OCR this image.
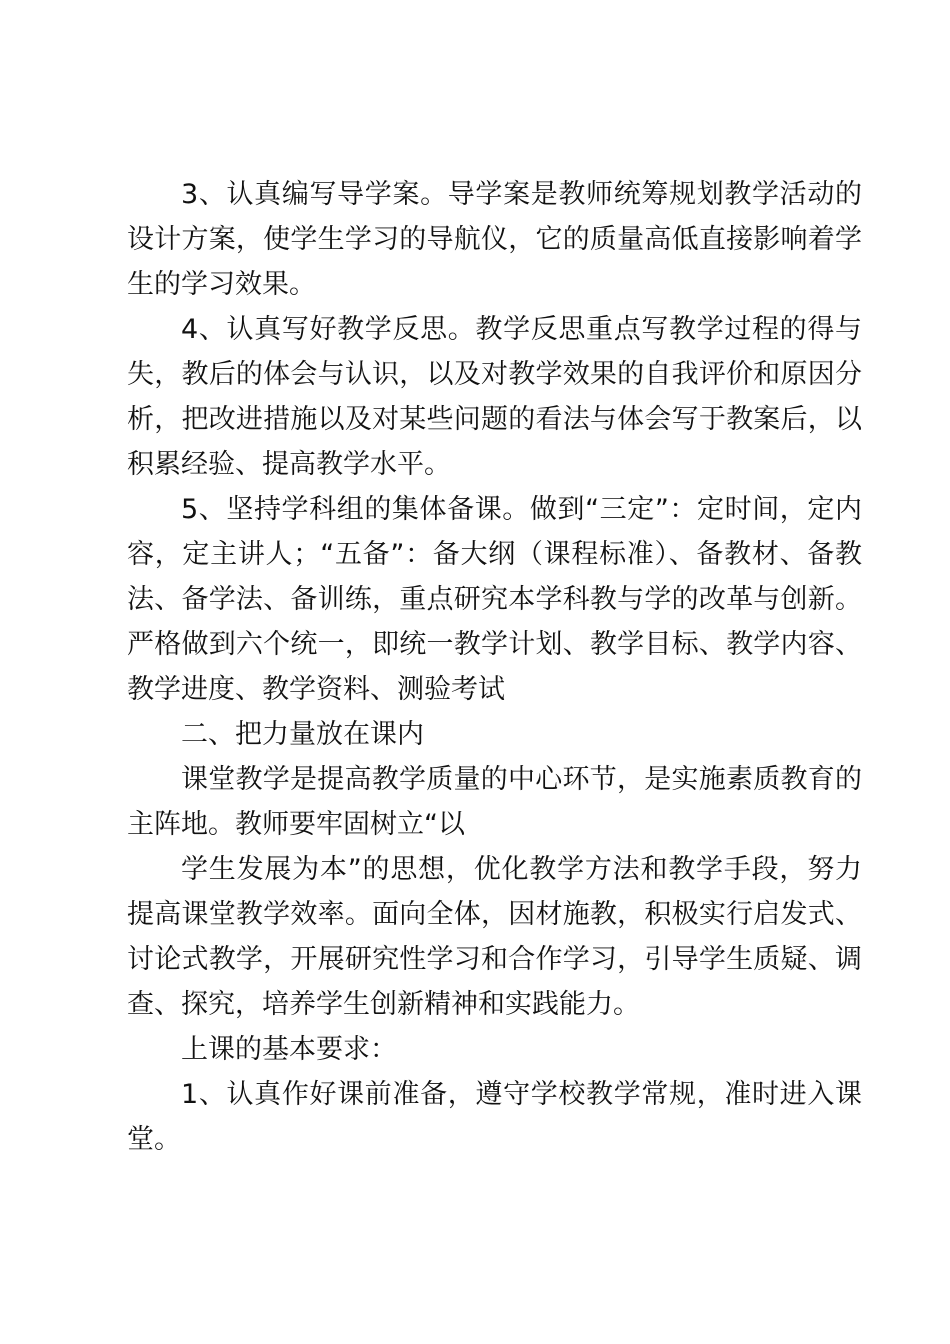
3、认真编写导学案。导学案是教师统筹规划教学活动的设计方案，使学生学习的导航仪，它的质量高低直接影响着学生的学习效果。

4、认真写好教学反思。教学反思重点写教学过程的得与失，教后的体会与认识，以及对教学效果的自我评价和原因分析，把改进措施以及对某些问题的看法与体会写于教案后，以积累经验、提高教学水平。

5、坚持学科组的集体备课。做到“三定”：定时间，定内容，定主讲人；“五备”：备大纲（课程标准）、备教材、备教法、备学法、备训练，重点研究本学科教与学的改革与创新。严格做到六个统一，即统一教学计划、教学目标、教学内容、教学进度、教学资料、测验考试

二、把力量放在课内

课堂教学是提高教学质量的中心环节，是实施素质教育的主阵地。教师要牢固树立“以

学生发展为本”的思想，优化教学方法和教学手段，努力提高课堂教学效率。面向全体，因材施教，积极实行启发式、讨论式教学，开展研究性学习和合作学习，引导学生质疑、调查、探究，培养学生创新精神和实践能力。

上课的基本要求：

1、认真作好课前准备，遵守学校教学常规，准时进入课堂。
